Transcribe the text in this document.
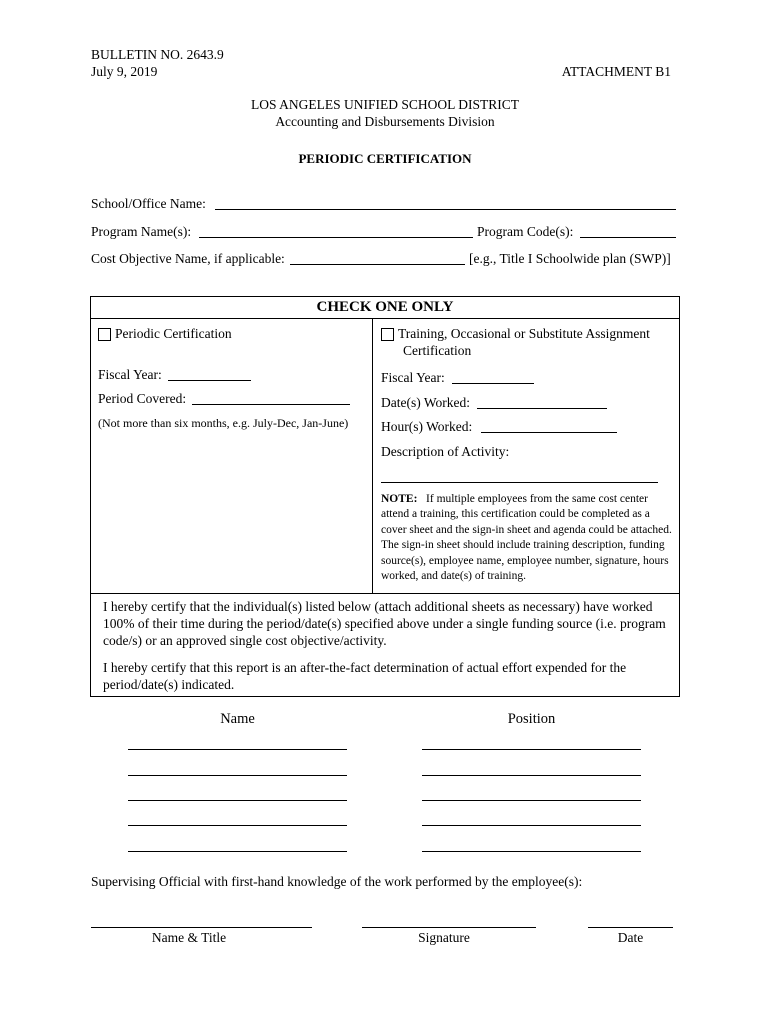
BULLETIN NO. 2643.9
July 9, 2019	ATTACHMENT B1
LOS ANGELES UNIFIED SCHOOL DISTRICT
Accounting and Disbursements Division
PERIODIC CERTIFICATION
School/Office Name:
Program Name(s):	Program Code(s):
Cost Objective Name, if applicable:	[e.g., Title I Schoolwide plan (SWP)]
CHECK ONE ONLY
Periodic Certification
Fiscal Year:
Period Covered:
(Not more than six months, e.g. July-Dec, Jan-June)
Training, Occasional or Substitute Assignment
Certification
Fiscal Year:
Date(s) Worked:
Hour(s) Worked:
Description of Activity:
NOTE: If multiple employees from the same cost center attend a training, this certification could be completed as a cover sheet and the sign-in sheet and agenda could be attached. The sign-in sheet should include training description, funding source(s), employee name, employee number, signature, hours worked, and date(s) of training.
I hereby certify that the individual(s) listed below (attach additional sheets as necessary) have worked 100% of their time during the period/date(s) specified above under a single funding source (i.e. program code/s) or an approved single cost objective/activity.
I hereby certify that this report is an after-the-fact determination of actual effort expended for the period/date(s) indicated.
Name	Position
Supervising Official with first-hand knowledge of the work performed by the employee(s):
Name & Title	Signature	Date
